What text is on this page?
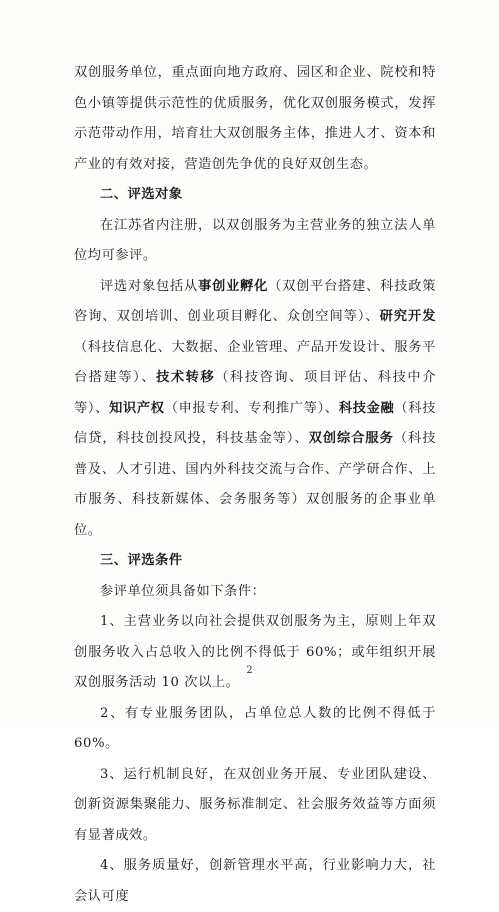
双创服务单位，重点面向地方政府、园区和企业、院校和特色小镇等提供示范性的优质服务，优化双创服务模式，发挥示范带动作用，培育壮大双创服务主体，推进人才、资本和产业的有效对接，营造创先争优的良好双创生态。

二、评选对象

在江苏省内注册，以双创服务为主营业务的独立法人单位均可参评。

评选对象包括从事创业孵化（双创平台搭建、科技政策咨询、双创培训、创业项目孵化、众创空间等）、研究开发（科技信息化、大数据、企业管理、产品开发设计、服务平台搭建等）、技术转移（科技咨询、项目评估、科技中介等）、知识产权（申报专利、专利推广等）、科技金融（科技信贷，科技创投风投，科技基金等）、双创综合服务（科技普及、人才引进、国内外科技交流与合作、产学研合作、上市服务、科技新媒体、会务服务等）双创服务的企事业单位。

三、评选条件

参评单位须具备如下条件：

1、主营业务以向社会提供双创服务为主，原则上年双创服务收入占总收入的比例不得低于 60%；或年组织开展双创服务活动 10 次以上。

2、有专业服务团队，占单位总人数的比例不得低于 60%。

3、运行机制良好，在双创业务开展、专业团队建设、创新资源集聚能力、服务标准制定、社会服务效益等方面须有显著成效。

4、服务质量好，创新管理水平高，行业影响力大，社会认可度

2
